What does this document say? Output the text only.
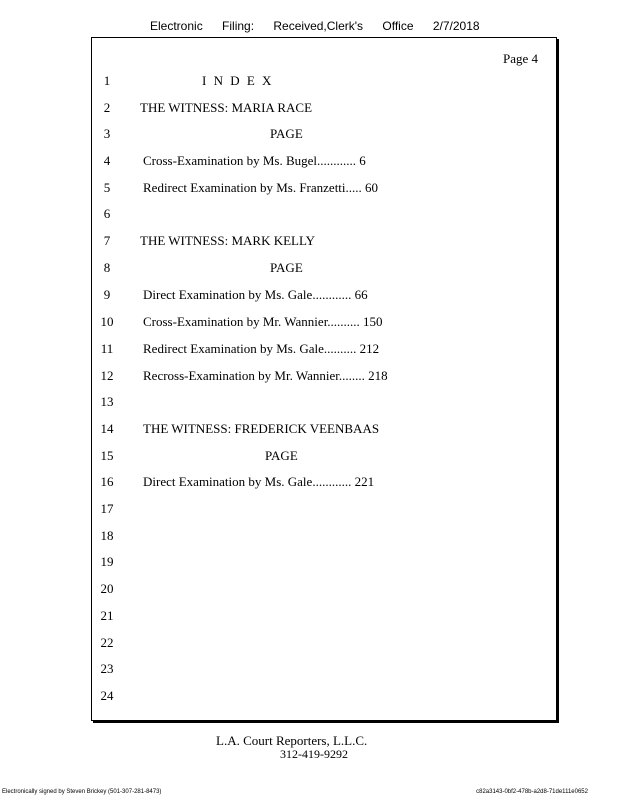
Electronic Filing: Received,Clerk's Office 2/7/2018
Page 4
1	I N D E X
2	THE WITNESS: MARIA RACE
3	PAGE
4	Cross-Examination by Ms. Bugel............ 6
5	Redirect Examination by Ms. Franzetti..... 60
6
7	THE WITNESS: MARK KELLY
8	PAGE
9	Direct Examination by Ms. Gale............ 66
10	Cross-Examination by Mr. Wannier.......... 150
11	Redirect Examination by Ms. Gale.......... 212
12	Recross-Examination by Mr. Wannier........ 218
13
14	THE WITNESS: FREDERICK VEENBAAS
15	PAGE
16	Direct Examination by Ms. Gale............ 221
17
18
19
20
21
22
23
24
L.A. Court Reporters, L.L.C.
312-419-9292
Electronically signed by Steven Brickey (501-307-281-8473)	c82a3143-0bf2-478b-a2d8-71de111e0652
